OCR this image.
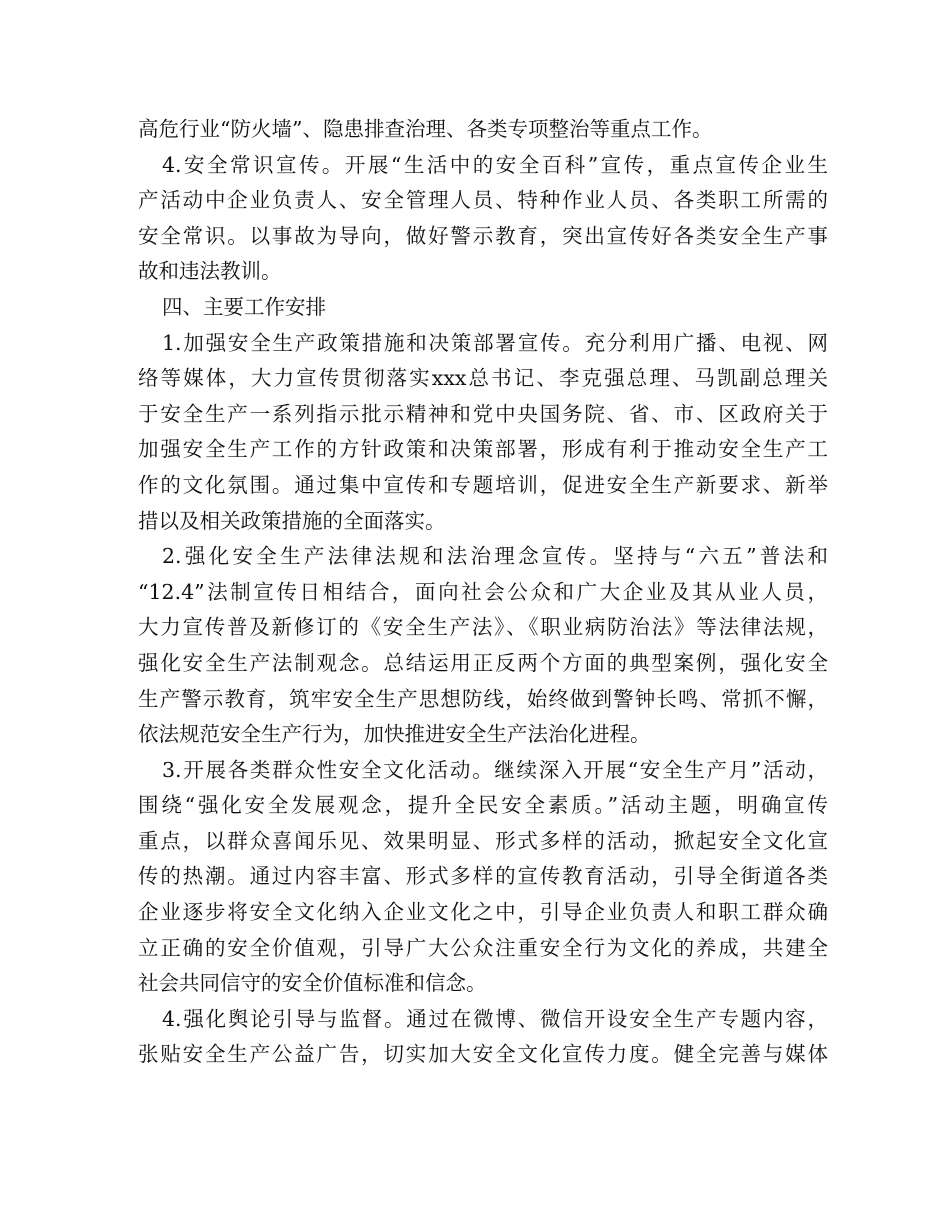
高危行业“防火墙”、隐患排查治理、各类专项整治等重点工作。
4.安全常识宣传。开展“生活中的安全百科”宣传，重点宣传企业生
产活动中企业负责人、安全管理人员、特种作业人员、各类职工所需的
安全常识。以事故为导向，做好警示教育，突出宣传好各类安全生产事
故和违法教训。
四、主要工作安排
1.加强安全生产政策措施和决策部署宣传。充分利用广播、电视、网
络等媒体，大力宣传贯彻落实xxx总书记、李克强总理、马凯副总理关
于安全生产一系列指示批示精神和党中央国务院、省、市、区政府关于
加强安全生产工作的方针政策和决策部署，形成有利于推动安全生产工
作的文化氛围。通过集中宣传和专题培训，促进安全生产新要求、新举
措以及相关政策措施的全面落实。
2.强化安全生产法律法规和法治理念宣传。坚持与“六五”普法和
“12.4”法制宣传日相结合，面向社会公众和广大企业及其从业人员，
大力宣传普及新修订的《安全生产法》、《职业病防治法》等法律法规，
强化安全生产法制观念。总结运用正反两个方面的典型案例，强化安全
生产警示教育，筑牢安全生产思想防线，始终做到警钟长鸣、常抓不懈，
依法规范安全生产行为，加快推进安全生产法治化进程。
3.开展各类群众性安全文化活动。继续深入开展“安全生产月”活动，
围绕“强化安全发展观念，提升全民安全素质。”活动主题，明确宣传
重点，以群众喜闻乐见、效果明显、形式多样的活动，掀起安全文化宣
传的热潮。通过内容丰富、形式多样的宣传教育活动，引导全街道各类
企业逐步将安全文化纳入企业文化之中，引导企业负责人和职工群众确
立正确的安全价值观，引导广大公众注重安全行为文化的养成，共建全
社会共同信守的安全价值标准和信念。
4.强化舆论引导与监督。通过在微博、微信开设安全生产专题内容，
张贴安全生产公益广告，切实加大安全文化宣传力度。健全完善与媒体
